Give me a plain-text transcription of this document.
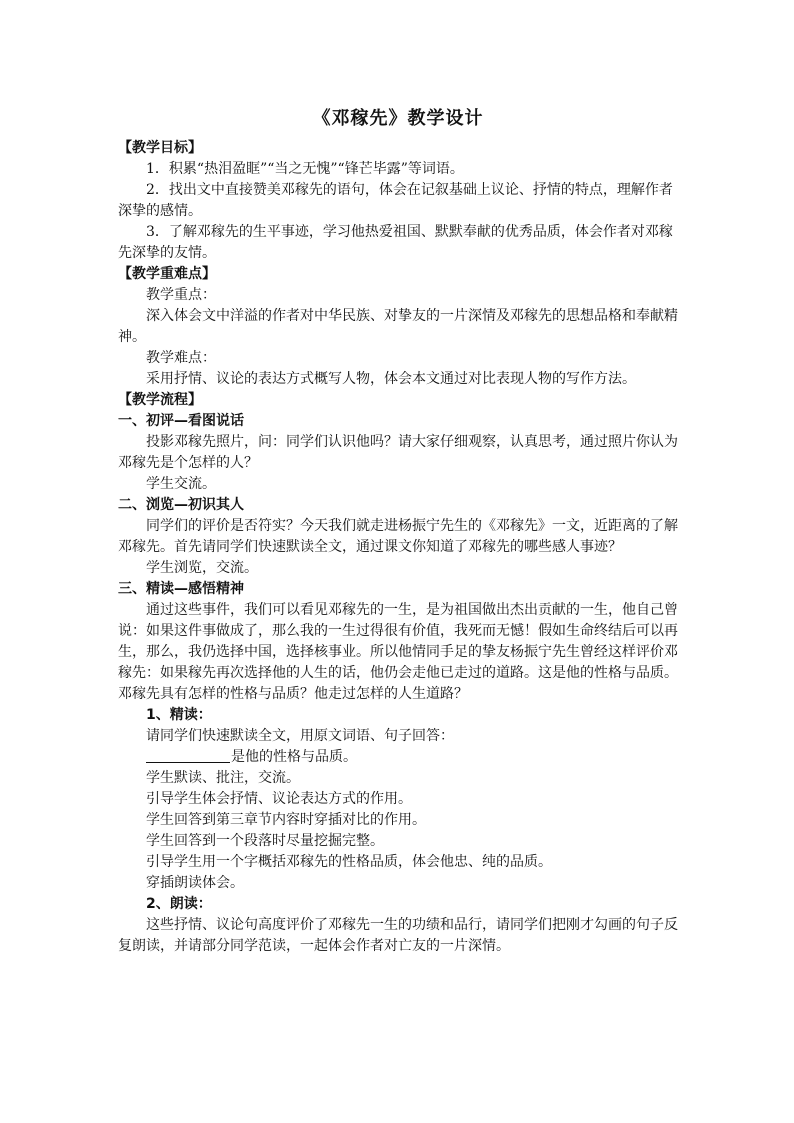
《邓稼先》教学设计
【教学目标】

1．积累“热泪盈眶”“当之无愧”“锋芒毕露”等词语。

2．找出文中直接赞美邓稼先的语句，体会在记叙基础上议论、抒情的特点，理解作者深挚的感情。

3．了解邓稼先的生平事迹，学习他热爱祖国、默默奉献的优秀品质，体会作者对邓稼先深挚的友情。

【教学重难点】

教学重点：

深入体会文中洋溢的作者对中华民族、对挚友的一片深情及邓稼先的思想品格和奉献精神。

教学难点：

采用抒情、议论的表达方式概写人物，体会本文通过对比表现人物的写作方法。

【教学流程】
一、初评—看图说话

投影邓稼先照片，问：同学们认识他吗？请大家仔细观察，认真思考，通过照片你认为邓稼先是个怎样的人？

学生交流。

二、浏览—初识其人

同学们的评价是否符实？今天我们就走进杨振宁先生的《邓稼先》一文，近距离的了解邓稼先。首先请同学们快速默读全文，通过课文你知道了邓稼先的哪些感人事迹？

学生浏览，交流。

三、精读—感悟精神

通过这些事件，我们可以看见邓稼先的一生，是为祖国做出杰出贡献的一生，他自己曾说：如果这件事做成了，那么我的一生过得很有价值，我死而无憾！假如生命终结后可以再生，那么，我仍选择中国，选择核事业。所以他情同手足的挚友杨振宁先生曾经这样评价邓稼先：如果稼先再次选择他的人生的话，他仍会走他已走过的道路。这是他的性格与品质。邓稼先具有怎样的性格与品质？他走过怎样的人生道路？

1、精读：

请同学们快速默读全文，用原文词语、句子回答：

是他的性格与品质。

学生默读、批注，交流。

引导学生体会抒情、议论表达方式的作用。

学生回答到第三章节内容时穿插对比的作用。

学生回答到一个段落时尽量挖掘完整。

引导学生用一个字概括邓稼先的性格品质，体会他忠、纯的品质。

穿插朗读体会。

2、朗读：

这些抒情、议论句高度评价了邓稼先一生的功绩和品行，请同学们把刚才勾画的句子反复朗读，并请部分同学范读，一起体会作者对亡友的一片深情。
